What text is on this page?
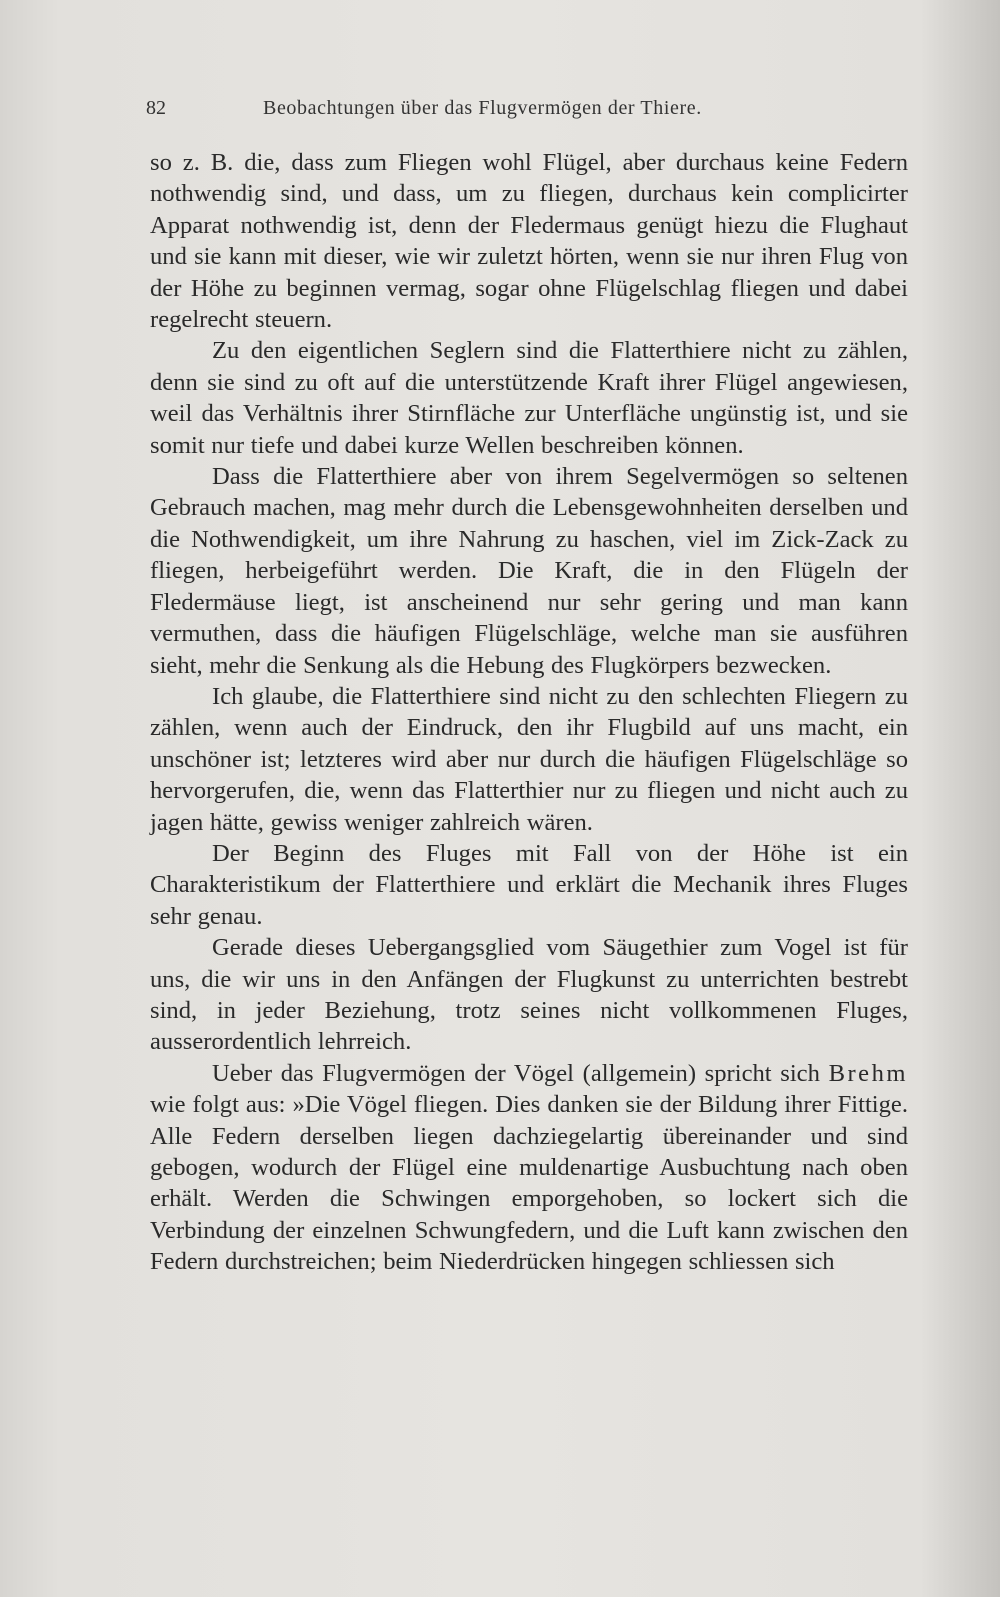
82	Beobachtungen über das Flugvermögen der Thiere.

so z. B. die, dass zum Fliegen wohl Flügel, aber durchaus keine Federn nothwendig sind, und dass, um zu fliegen, durchaus kein complicirter Apparat nothwendig ist, denn der Fledermaus genügt hiezu die Flughaut und sie kann mit dieser, wie wir zuletzt hörten, wenn sie nur ihren Flug von der Höhe zu beginnen vermag, sogar ohne Flügelschlag fliegen und dabei regelrecht steuern.

Zu den eigentlichen Seglern sind die Flatterthiere nicht zu zählen, denn sie sind zu oft auf die unterstützende Kraft ihrer Flügel angewiesen, weil das Verhältnis ihrer Stirnfläche zur Unterfläche ungünstig ist, und sie somit nur tiefe und dabei kurze Wellen beschreiben können.

Dass die Flatterthiere aber von ihrem Segelvermögen so seltenen Gebrauch machen, mag mehr durch die Lebensgewohnheiten derselben und die Nothwendigkeit, um ihre Nahrung zu haschen, viel im Zick-Zack zu fliegen, herbeigeführt werden. Die Kraft, die in den Flügeln der Fledermäuse liegt, ist anscheinend nur sehr gering und man kann vermuthen, dass die häufigen Flügelschläge, welche man sie ausführen sieht, mehr die Senkung als die Hebung des Flugkörpers bezwecken.

Ich glaube, die Flatterthiere sind nicht zu den schlechten Fliegern zu zählen, wenn auch der Eindruck, den ihr Flugbild auf uns macht, ein unschöner ist; letzteres wird aber nur durch die häufigen Flügelschläge so hervorgerufen, die, wenn das Flatterthier nur zu fliegen und nicht auch zu jagen hätte, gewiss weniger zahlreich wären.

Der Beginn des Fluges mit Fall von der Höhe ist ein Charakteristikum der Flatterthiere und erklärt die Mechanik ihres Fluges sehr genau.

Gerade dieses Uebergangsglied vom Säugethier zum Vogel ist für uns, die wir uns in den Anfängen der Flugkunst zu unterrichten bestrebt sind, in jeder Beziehung, trotz seines nicht vollkommenen Fluges, ausserordentlich lehrreich.

Ueber das Flugvermögen der Vögel (allgemein) spricht sich Brehm wie folgt aus: »Die Vögel fliegen. Dies danken sie der Bildung ihrer Fittige. Alle Federn derselben liegen dachziegelartig übereinander und sind gebogen, wodurch der Flügel eine muldenartige Ausbuchtung nach oben erhält. Werden die Schwingen emporgehoben, so lockert sich die Verbindung der einzelnen Schwungfedern, und die Luft kann zwischen den Federn durchstreichen; beim Niederdrücken hingegen schliessen sich
